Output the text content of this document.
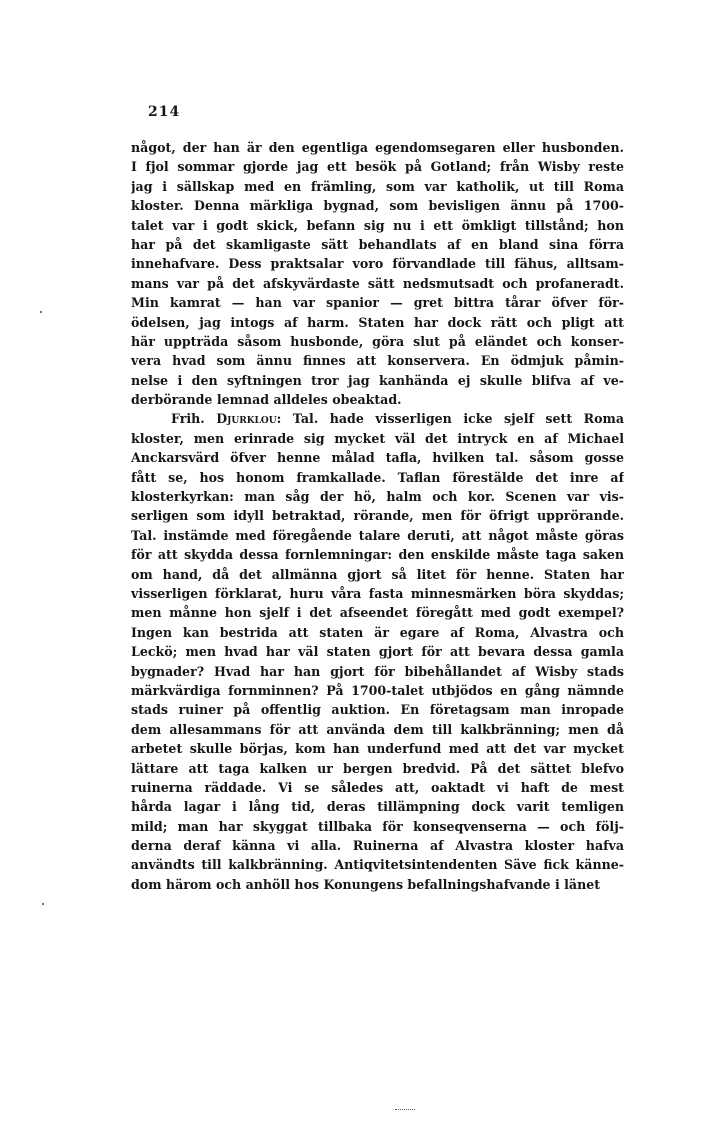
214
något, der han är den egentliga egendomsegaren eller husbonden.
I fjol sommar gjorde jag ett besök på Gotland; från Wisby reste
jag i sällskap med en främling, som var katholik, ut till Roma
kloster. Denna märkliga bygnad, som bevisligen ännu på 1700-
talet var i godt skick, befann sig nu i ett ömkligt tillstånd; hon
har på det skamligaste sätt behandlats af en bland sina förra
innehafvare. Dess praktsalar voro förvandlade till fähus, alltsam-
mans var på det afskyvärdaste sätt nedsmutsadt och profaneradt.
Min kamrat — han var spanior — gret bittra tårar öfver för-
ödelsen, jag intogs af harm. Staten har dock rätt och pligt att
här uppträda såsom husbonde, göra slut på eländet och konser-
vera hvad som ännu finnes att konservera. En ödmjuk påmin-
nelse i den syftningen tror jag kanhända ej skulle blifva af ve-
derbörande lemnad alldeles obeaktad.
Frih. Djurklou: Tal. hade visserligen icke sjelf sett Roma
kloster, men erinrade sig mycket väl det intryck en af Michael
Anckarsvärd öfver henne målad tafla, hvilken tal. såsom gosse
fått se, hos honom framkallade. Taflan förestälde det inre af
klosterkyrkan: man såg der hö, halm och kor. Scenen var vis-
serligen som idyll betraktad, rörande, men för öfrigt upprörande.
Tal. instämde med föregående talare deruti, att något måste göras
för att skydda dessa fornlemningar: den enskilde måste taga saken
om hand, då det allmänna gjort så litet för henne. Staten har
visserligen förklarat, huru våra fasta minnesmärken böra skyddas;
men månne hon sjelf i det afseendet föregått med godt exempel?
Ingen kan bestrida att staten är egare af Roma, Alvastra och
Leckö; men hvad har väl staten gjort för att bevara dessa gamla
bygnader? Hvad har han gjort för bibehållandet af Wisby stads
märkvärdiga fornminnen? På 1700-talet utbjödos en gång nämnde
stads ruiner på offentlig auktion. En företagsam man inropade
dem allesammans för att använda dem till kalkbränning; men då
arbetet skulle börjas, kom han underfund med att det var mycket
lättare att taga kalken ur bergen bredvid. På det sättet blefvo
ruinerna räddade. Vi se således att, oaktadt vi haft de mest
hårda lagar i lång tid, deras tillämpning dock varit temligen
mild; man har skyggat tillbaka för konseqvenserna — och följ-
derna deraf känna vi alla. Ruinerna af Alvastra kloster hafva
användts till kalkbränning. Antiqvitetsintendenten Säve fick känne-
dom härom och anhöll hos Konungens befallningshafvande i länet
